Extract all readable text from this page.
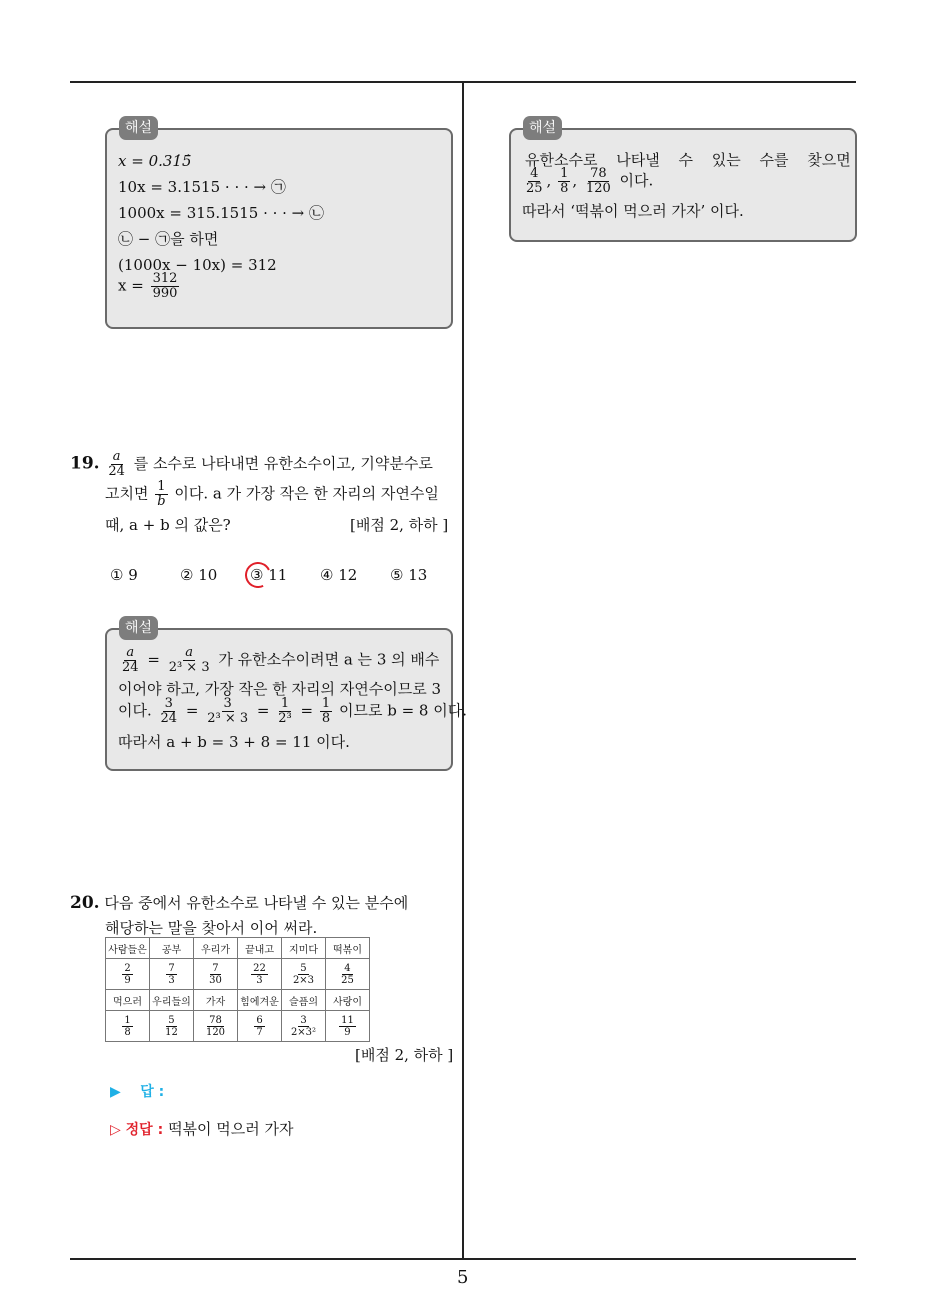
해설
x = 0.31̇5̇
10x = 3.1515 · · · → ㉠
1000x = 315.1515 · · · → ㉡
㉡ − ㉠을 하면
(1000x − 10x) = 312
$x = \frac{312}{990}$
해설
유한소수로 나타낼 수 있는 수를 찾으면
$\frac{4}{25}$ , $\frac{1}{8}$ , $\frac{78}{120}$ 이다.
따라서 ‘떡볶이 먹으러 가자’ 이다.
19. $\frac{a}{24}$ 를 소수로 나타내면 유한소수이고, 기약분수로
고치면 $\frac{1}{b}$ 이다. a 가 가장 작은 한 자리의 자연수일
때, a + b 의 값은?	[배점 2, 하하 ]
① 9	② 10 ③ 11 ④ 12 ⑤ 13
해설
$\frac{a}{24} = \frac{a}{\text{2³ × 3}}$ 가 유한소수이려면 a 는 3 의 배수
이어야 하고, 가장 작은 한 자리의 자연수이므로 3
이다. $\frac{3}{24} = \frac{3}{\text{2³ × 3}} = \frac{1}{\text{2³}} = \frac{1}{8}$ 이므로 b = 8 이다.
따라서 a + b = 3 + 8 = 11 이다.
20. 다음 중에서 유한소수로 나타낼 수 있는 분수에
해당하는 말을 찾아서 이어 써라.
사람들은	공부	우리가	끝내고	지미다	떡볶이

$\frac{2}{9}$	$\frac{7}{3}$	$\frac{7}{30}$	$\frac{22}{3}$	$\frac{5}{2\times 3}$	$\frac{4}{25}$

먹으러	우리들의	가자	힘에겨운	슬픔의	사랑이

$\frac{1}{8}$	$\frac{5}{12}$	$\frac{78}{120}$	$\frac{6}{7}$	$\frac{3}{\text{2×3²}}$	$\frac{11}{9}$
[배점 2, 하하 ]
▶ 답 :
▷ 정답 : 떡볶이 먹으러 가자
5
